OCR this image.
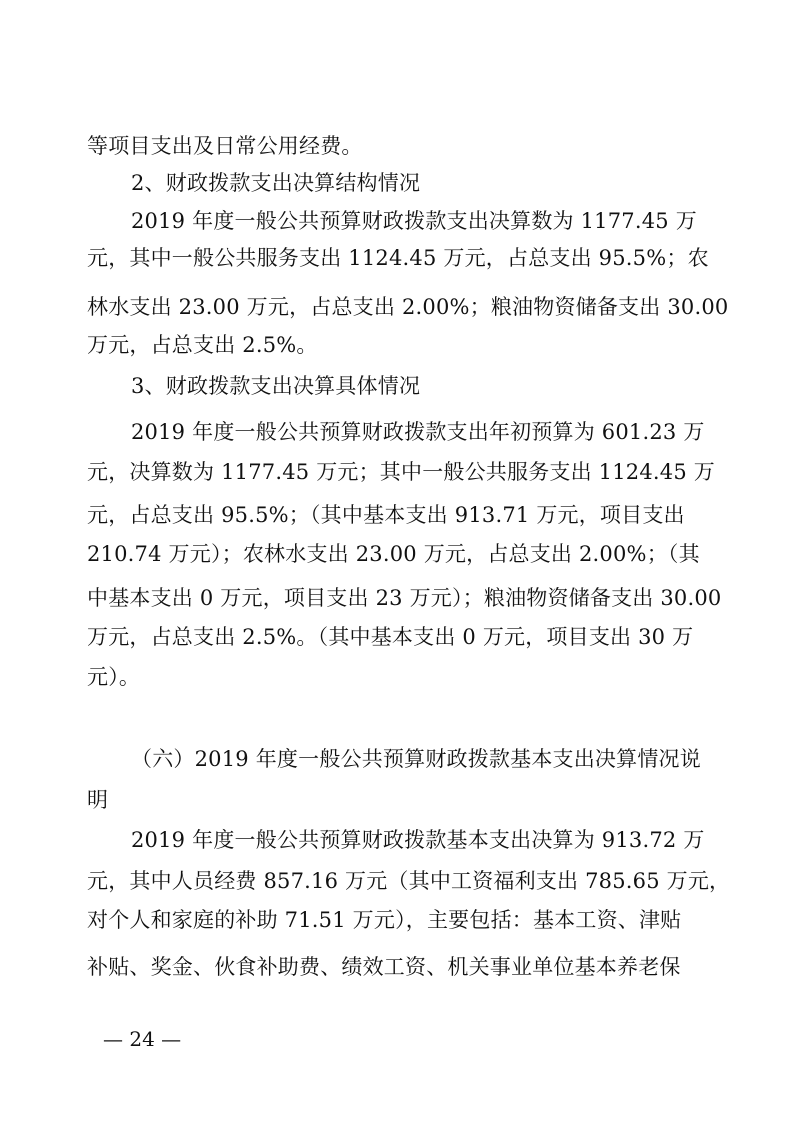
等项目支出及日常公用经费。
2、财政拨款支出决算结构情况
2019 年度一般公共预算财政拨款支出决算数为 1177.45 万
元，其中一般公共服务支出 1124.45 万元，占总支出 95.5%；农
林水支出 23.00 万元，占总支出 2.00%；粮油物资储备支出 30.00
万元，占总支出 2.5%。
3、财政拨款支出决算具体情况
2019 年度一般公共预算财政拨款支出年初预算为 601.23 万
元，决算数为 1177.45 万元；其中一般公共服务支出 1124.45 万
元，占总支出 95.5%；（其中基本支出 913.71 万元，项目支出
210.74 万元）；农林水支出 23.00 万元，占总支出 2.00%；（其
中基本支出 0 万元，项目支出 23 万元）；粮油物资储备支出 30.00
万元，占总支出 2.5%。（其中基本支出 0 万元，项目支出 30 万
元）。
（六）2019 年度一般公共预算财政拨款基本支出决算情况说
明
2019 年度一般公共预算财政拨款基本支出决算为 913.72 万
元，其中人员经费 857.16 万元（其中工资福利支出 785.65 万元，
对个人和家庭的补助 71.51 万元），主要包括：基本工资、津贴
补贴、奖金、伙食补助费、绩效工资、机关事业单位基本养老保
— 24 —
